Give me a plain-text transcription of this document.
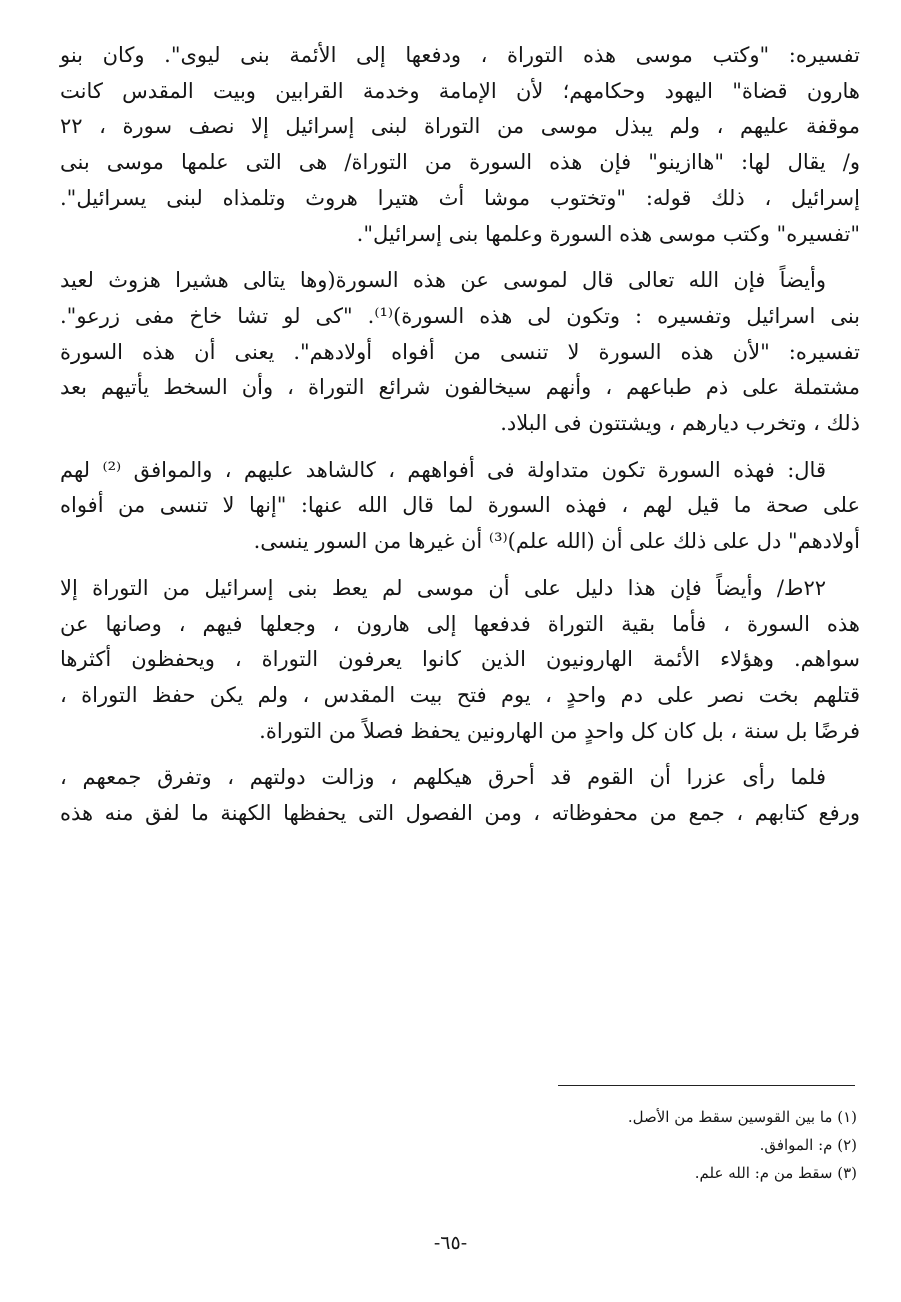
تفسيره: "وكتب موسى هذه التوراة ، ودفعها إلى الأئمة بنى ليوى". وكان بنو
هارون قضاة" اليهود وحكامهم؛ لأن الإمامة وخدمة القرابين وبيت المقدس كانت
موقفة عليهم ، ولم يبذل موسى من التوراة لبنى إسرائيل إلا نصف سورة ، ٢٢
و/ يقال لها: "هاازينو" فإن هذه السورة من التوراة/ هى التى علمها موسى بنى
إسرائيل ، ذلك قوله: "وتختوب موشا أث هتيرا هروث وتلمذاه لبنى يسرائيل".
"تفسيره" وكتب موسى هذه السورة وعلمها بنى إسرائيل".

وأيضاً فإن الله تعالى قال لموسى عن هذه السورة(وها يتالى هشيرا هزوث لعيد
بنى اسرائيل وتفسيره : وتكون لى هذه السورة)⁽¹⁾. "كى لو تشا خاخ مفى زرعو".
تفسيره: "لأن هذه السورة لا تنسى من أفواه أولادهم". يعنى أن هذه السورة
مشتملة على ذم طباعهم ، وأنهم سيخالفون شرائع التوراة ، وأن السخط يأتيهم بعد
ذلك ، وتخرب ديارهم ، ويشتتون فى البلاد.

قال: فهذه السورة تكون متداولة فى أفواههم ، كالشاهد عليهم ، والموافق ⁽²⁾ لهم
على صحة ما قيل لهم ، فهذه السورة لما قال الله عنها: "إنها لا تنسى من أفواه
أولادهم" دل على ذلك على أن (الله علم)⁽³⁾ أن غيرها من السور ينسى.

٢٢ط/ وأيضاً فإن هذا دليل على أن موسى لم يعط بنى إسرائيل من التوراة إلا
هذه السورة ، فأما بقية التوراة فدفعها إلى هارون ، وجعلها فيهم ، وصانها عن
سواهم. وهؤلاء الأئمة الهارونيون الذين كانوا يعرفون التوراة ، ويحفظون أكثرها
قتلهم بخت نصر على دم واحدٍ ، يوم فتح بيت المقدس ، ولم يكن حفظ التوراة ،
فرضًا بل سنة ، بل كان كل واحدٍ من الهارونين يحفظ فصلاً من التوراة.

فلما رأى عزرا أن القوم قد أحرق هيكلهم ، وزالت دولتهم ، وتفرق جمعهم ،
ورفع كتابهم ، جمع من محفوظاته ، ومن الفصول التى يحفظها الكهنة ما لفق منه هذه

(١) ما بين القوسين سقط من الأصل.
(٢) م: الموافق.
(٣) سقط من م: الله علم.
-٦٥-
